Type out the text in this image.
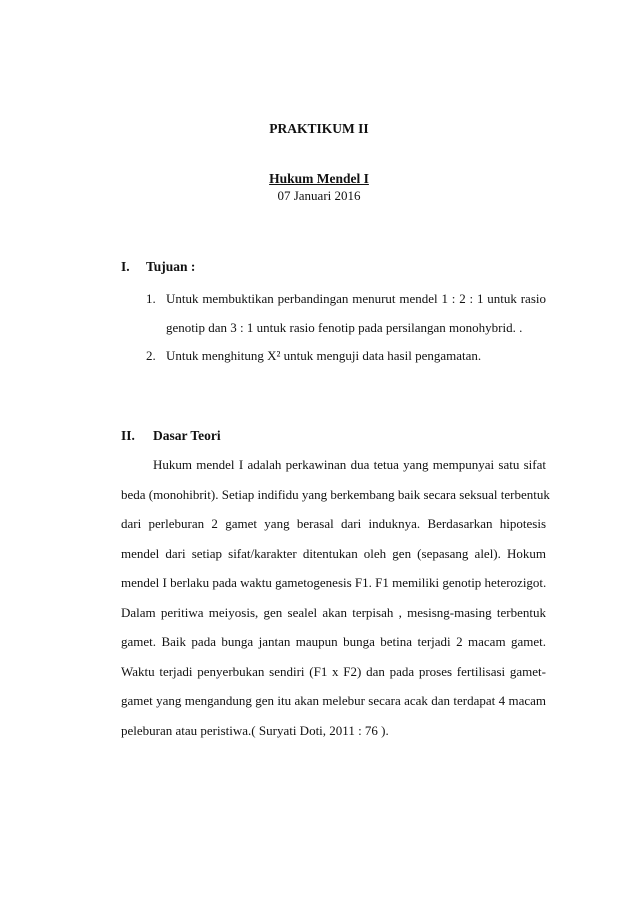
PRAKTIKUM II
Hukum Mendel I
07 Januari 2016
I. Tujuan :
1. Untuk membuktikan perbandingan menurut mendel 1 : 2 : 1 untuk rasio
genotip dan 3 : 1 untuk rasio fenotip pada persilangan monohybrid. .
2. Untuk menghitung X² untuk menguji data hasil pengamatan.
II. Dasar Teori
Hukum mendel I adalah perkawinan dua tetua yang mempunyai satu sifat
beda (monohibrit). Setiap indifidu yang berkembang baik secara seksual terbentuk
dari perleburan 2 gamet yang berasal dari induknya. Berdasarkan hipotesis
mendel dari setiap sifat/karakter ditentukan oleh gen (sepasang alel). Hokum
mendel I berlaku pada waktu gametogenesis F1. F1 memiliki genotip heterozigot.
Dalam peritiwa meiyosis, gen sealel akan terpisah , mesisng-masing terbentuk
gamet. Baik pada bunga jantan maupun bunga betina terjadi 2 macam gamet.
Waktu terjadi penyerbukan sendiri (F1 x F2) dan pada proses fertilisasi gamet-
gamet yang mengandung gen itu akan melebur secara acak dan terdapat 4 macam
peleburan atau peristiwa.( Suryati Doti, 2011 : 76 ).
